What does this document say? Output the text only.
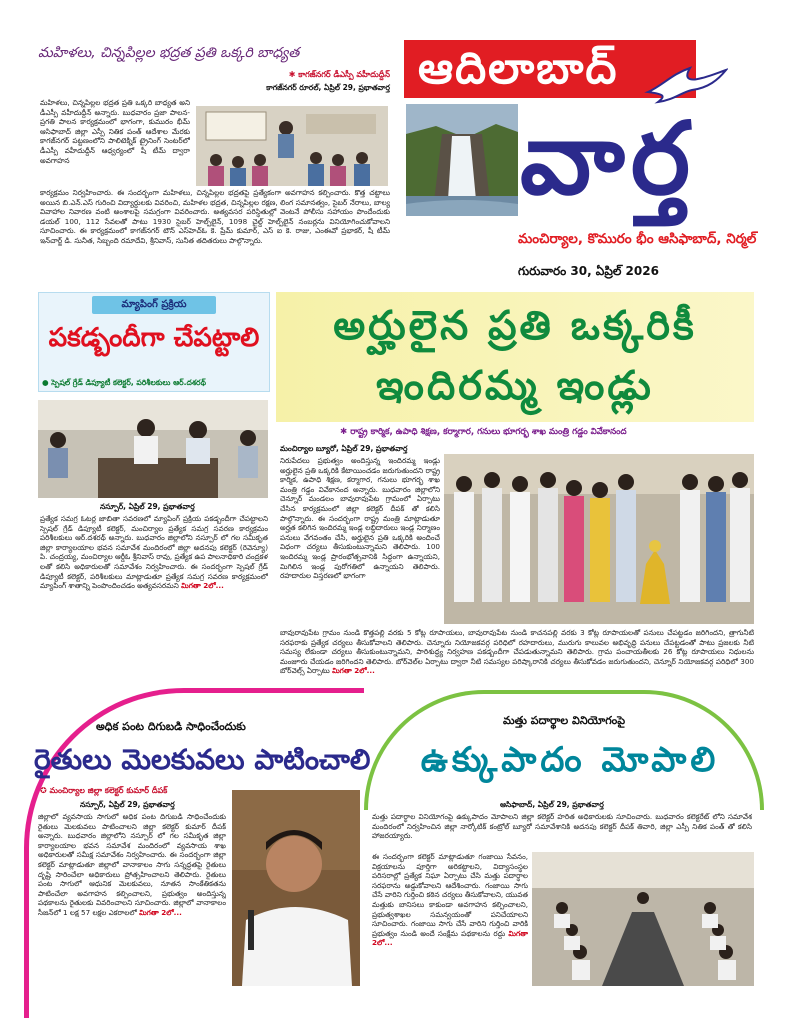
ఆదిలాబాద్
వార్త
మంచిర్యాల, కొమురం భీం ఆసిఫాబాద్, నిర్మల్
గురువారం 30, ఏప్రిల్ 2026
మహిళలు, చిన్నపిల్లల భద్రత ప్రతి ఒక్కరి బాధ్యత
✱ కాగజ్‌నగర్ డీఎస్పీ వహీదుద్దీన్
కాగజ్‌నగర్ రూరల్, ఏప్రిల్ 29, ప్రభాతవార్త
మహిళలు, చిన్నపిల్లల భద్రత ప్రతి ఒక్కరి బాధ్యత అని డీఎస్పీ వహీదుద్దీన్ అన్నారు. బుధవారం ప్రజా పాలన-ప్రగతి పాలన కార్యక్రమంలో భాగంగా, కుమురం భీమ్ ఆసిఫాబాద్ జిల్లా ఎస్పీ నితిక పంత్ ఆదేశాల మేరకు కాగజ్‌నగర్ పట్టణంలోని పాలిటెక్నిక్ ట్రైనింగ్ సెంటర్‌లో డీఎస్పీ వహీదుద్దీన్ ఆధ్వర్యంలో షీ టీమ్ ద్వారా అవగాహన
కార్యక్రమం నిర్వహించారు. ఈ సందర్భంగా మహిళలు, చిన్నపిల్లల భద్రతపై ప్రత్యేకంగా అవగాహన కల్పించారు. కొత్త చట్టాలు అయిన బి.ఎన్.ఎస్ గురించి విద్యార్థులకు వివరించి, మహిళల భద్రత, చిన్నపిల్లల రక్షణ, లింగ సమానత్వం, సైబర్ నేరాలు, బాల్య వివాహాల నివారణ వంటి అంశాలపై సమగ్రంగా వివరించారు. అత్యవసర పరిస్థితుల్లో వెంటనే పోలీసు సహాయం పొందేందుకు డయల్ 100, 112 సేవలతో పాటు 1930 సైబర్ హెల్ప్‌లైన్, 1098 చైల్డ్ హెల్ప్‌లైన్ నంబర్లను వినియోగించుకోవాలని సూచించారు. ఈ కార్యక్రమంలో కాగజ్‌నగర్ టౌన్ ఎస్‌హెచ్‌ఓ కె. ప్రేమ్ కుమార్, ఎస్ ఐ కె. రాజు, ఎంఈవో ప్రభాకర్, షీ టీమ్ ఇన్‌చార్జ్ డి. సునీత, సిబ్బంది రమాదేవి, శ్రీనివాస్, సునీత తదితరులు పాల్గొన్నారు.
మ్యాపింగ్ ప్రక్రియ
పకడ్బందీగా చేపట్టాలి
● స్పెషల్ గ్రేడ్ డిప్యూటీ కలెక్టర్, పరిశీలకులు ఆర్.దశరథ్
నస్పూర్, ఏప్రిల్ 29, ప్రభాతవార్త
ప్రత్యేక సమగ్ర ఓటర్ల జాబితా సవరణలో మ్యాపింగ్ ప్రక్రియ పకడ్బందీగా చేపట్టాలని స్పెషల్ గ్రేడ్ డిప్యూటీ కలెక్టర్, మంచిర్యాల ప్రత్యేక సమగ్ర సవరణ కార్యక్రమం పరిశీలకులు ఆర్.దశరథ్ అన్నారు. బుధవారం జిల్లాలోని నస్పూర్ లో గల సమీకృత జిల్లా కార్యాలయాల భవన సమావేశ మందిరంలో జిల్లా అదనపు కలెక్టర్ (రెవెన్యూ) పి. చంద్రయ్య, మంచిర్యాల ఆర్డీఓ శ్రీనివాస్ రావు, ప్రత్యేక ఉప పాలనాధికారి చంద్రకళ లతో కలిసి అధికారులతో సమావేశం నిర్వహించారు. ఈ సందర్భంగా స్పెషల్ గ్రేడ్ డిప్యూటీ కలెక్టర్, పరిశీలకులు మాట్లాడుతూ ప్రత్యేక సమగ్ర సవరణ కార్యక్రమంలో మ్యాపింగ్ శాతాన్ని పెంపొందించడం అత్యవసరమని మిగతా 2లో...
అర్హులైన ప్రతి ఒక్కరికీ
ఇందిరమ్మ ఇండ్లు
✱ రాష్ట్ర కార్మిక, ఉపాధి శిక్షణ, కర్మాగార, గనులు భూగర్భ శాఖ మంత్రి గడ్డం వివేకానంద
మంచిర్యాల బ్యూరో, ఏప్రిల్ 29, ప్రభాతవార్త
నిరుపేదలు ప్రభుత్వం అందిస్తున్న ఇందిరమ్మ ఇండ్లు అర్హులైన ప్రతి ఒక్కరికి కేటాయించడం జరుగుతుందని రాష్ట్ర కార్మిక, ఉపాధి శిక్షణ, కర్మాగార, గనులు భూగర్భ శాఖ మంత్రి గడ్డం వివేకానంద అన్నారు. బుధవారం జిల్లాలోని చెన్నూర్ మండలం బావురావుపేట గ్రామంలో ఏర్పాటు చేసిన కార్యక్రమంలో జిల్లా కలెక్టర్ దీపక్ తో కలిసి పాల్గొన్నారు. ఈ సందర్భంగా రాష్ట్ర మంత్రి మాట్లాడుతూ అర్హత కలిగిన ఇందిరమ్మ ఇండ్ల లబ్ధిదారులు ఇండ్ల నిర్మాణం పనులు వేగవంతం చేసి, అర్హులైన ప్రతి ఒక్కరికి అందించే విధంగా చర్యలు తీసుకుంటున్నామని తెలిపారు. 100 ఇందిరమ్మ ఇండ్ల ప్రారంభోత్సవానికి సిద్ధంగా ఉన్నాయని, మిగిలిన ఇండ్ల పురోగతిలో ఉన్నాయని తెలిపారు. రహదారుల విస్తరణలో భాగంగా
బావురావుపేట గ్రామం నుండి కొత్తపల్లి వరకు 5 కోట్ల రూపాయలు, బావురావుపేట నుండి కాచనపల్లి వరకు 3 కోట్ల రూపాయలతో పనులు చేపట్టడం జరిగిందని, త్రాగునీటి సరఫరాకు ప్రత్యేక చర్యలు తీసుకోవాలని తెలిపారు. చెన్నూరు నియోజకవర్గ పరిధిలో రహదారులు, మురుగు కాలువల అభివృద్ధి పనులు చేపట్టడంతో పాటు ప్రజలకు నీటి సమస్య లేకుండా చర్యలు తీసుకుంటున్నామని, పారిశుద్ధ్య నిర్వహణ పకడ్బందీగా చేపడుతున్నామని తెలిపారు. గ్రామ పంచాయతీలకు 26 కోట్ల రూపాయలు నిధులను మంజూరు చేయడం జరిగిందని తెలిపారు. బోర్‌వెల్‌ల ఏర్పాటు ద్వారా నీటి సమస్యల పరిష్కారానికి చర్యలు తీసుకోవడం జరుగుతుందని, చెన్నూర్ నియోజకవర్గ పరిధిలో 300 బోర్‌వెల్స్ ఏర్పాటు మిగతా 2లో...
అధిక పంట దిగుబడి సాధించేందుకు
రైతులు మెలకువలు పాటించాలి
✪ మంచిర్యాల జిల్లా కలెక్టర్ కుమార్ దీపక్
నస్పూర్, ఏప్రిల్ 29, ప్రభాతవార్త
జిల్లాలో వ్యవసాయ సాగులో అధిక పంట దిగుబడి సాధించేందుకు రైతులు మెలకువలు పాటించాలని జిల్లా కలెక్టర్ కుమార్ దీపక్ అన్నారు. బుధవారం జిల్లాలోని నస్పూర్ లో గల సమీకృత జిల్లా కార్యాలయాల భవన సమావేశ మందిరంలో వ్యవసాయ శాఖ అధికారులతో సమీక్ష సమావేశం నిర్వహించారు. ఈ సందర్భంగా జిల్లా కలెక్టర్ మాట్లాడుతూ జిల్లాలో వానాకాలం సాగు సన్నద్ధతపై రైతులు దృష్టి సారించేలా అధికారులు ప్రోత్సహించాలని తెలిపారు. రైతులు పంట సాగులో ఆధునిక మెలకువలు, నూతన సాంకేతికతను పాటించేలా అవగాహన కల్పించాలని, ప్రభుత్వం అందిస్తున్న పథకాలను రైతులకు వివరించాలని సూచించారు. జిల్లాలో వానాకాలం సీజన్‌లో 1 లక్ష 57 లక్షల ఎకరాలలో మిగతా 2లో...
మత్తు పదార్థాల వినియోగంపై
ఉక్కుపాదం మోపాలి
ఆసిఫాబాద్, ఏప్రిల్ 29, ప్రభాతవార్త
మత్తు పదార్థాల వినియోగంపై ఉక్కుపాదం మోపాలని జిల్లా కలెక్టర్ హరిత అధికారులకు సూచించారు. బుధవారం కలెక్టరేట్ లోని సమావేశ మందిరంలో నిర్వహించిన జిల్లా నార్కోటిక్ కంట్రోల్ బ్యూరో సమావేశానికి అదనపు కలెక్టర్ దీపక్ తివారి, జిల్లా ఎస్పీ నితిక పంత్ తో కలిసి హాజరయ్యారు.
ఈ సందర్భంగా కలెక్టర్ మాట్లాడుతూ గంజాయి సేవనం, విక్రయాలను పూర్తిగా అరికట్టాలని, విద్యాసంస్థల పరిసరాల్లో ప్రత్యేక నిఘా ఏర్పాటు చేసి మత్తు పదార్థాల సరఫరాను అడ్డుకోవాలని ఆదేశించారు. గంజాయి సాగు చేసే వారిని గుర్తించి కఠిన చర్యలు తీసుకోవాలని, యువత మత్తుకు బానిసలు కాకుండా అవగాహన కల్పించాలని, ప్రభుత్వశాఖల సమన్వయంతో పనిచేయాలని సూచించారు. గంజాయి సాగు చేసే వారిని గుర్తించి వారికి ప్రభుత్వం నుండి అందే సంక్షేమ పథకాలను రద్దు మిగతా 2లో...
